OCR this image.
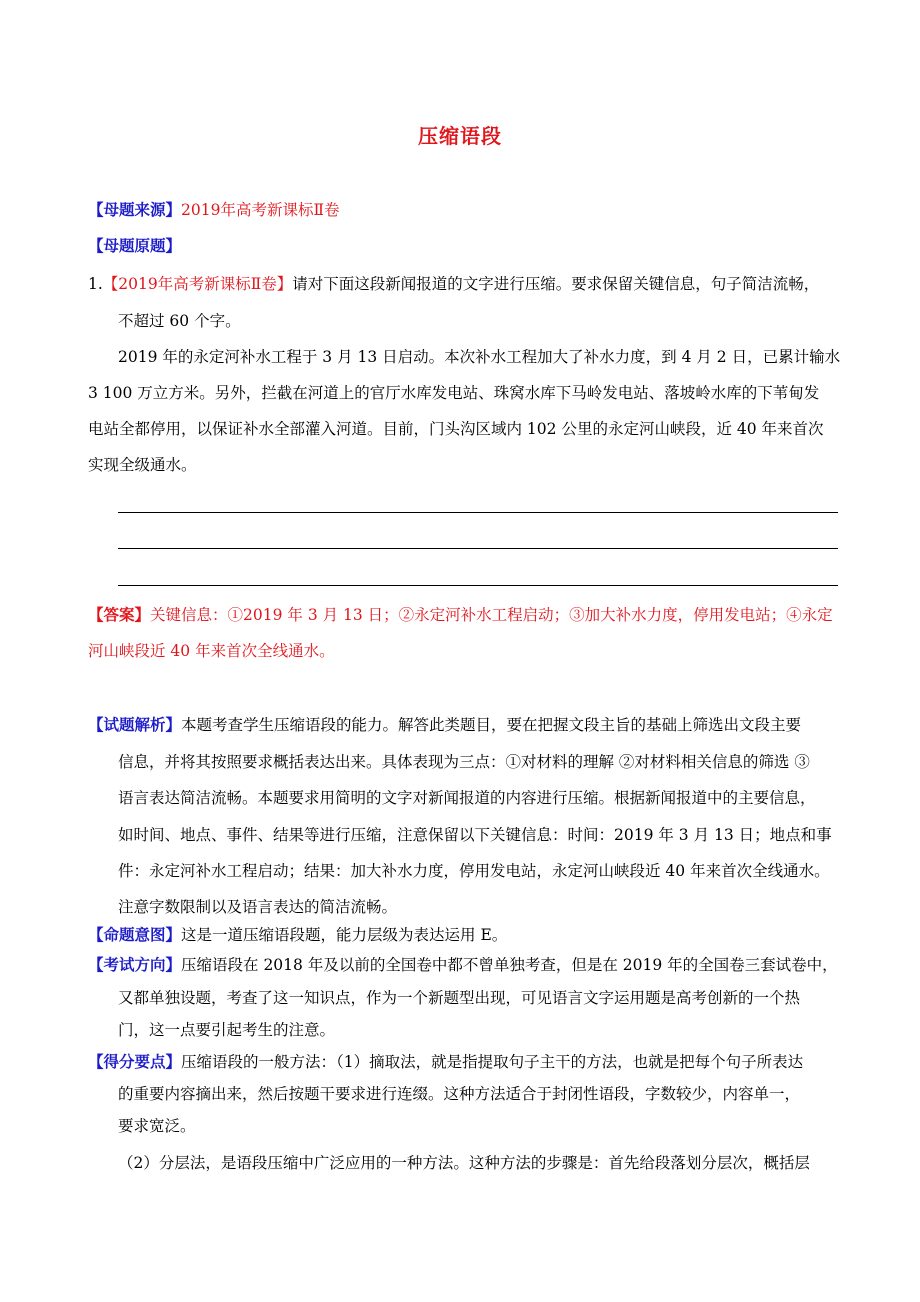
压缩语段
【母题来源】2019年高考新课标Ⅱ卷
【母题原题】
1.【2019年高考新课标Ⅱ卷】请对下面这段新闻报道的文字进行压缩。要求保留关键信息，句子简洁流畅，
不超过 60 个字。
2019 年的永定河补水工程于 3 月 13 日启动。本次补水工程加大了补水力度，到 4 月 2 日，已累计输水
3 100 万立方米。另外，拦截在河道上的官厅水库发电站、珠窝水库下马岭发电站、落坡岭水库的下苇甸发
电站全都停用，以保证补水全部灌入河道。目前，门头沟区域内 102 公里的永定河山峡段，近 40 年来首次
实现全级通水。
【答案】关键信息：①2019 年 3 月 13 日；②永定河补水工程启动；③加大补水力度，停用发电站；④永定
河山峡段近 40 年来首次全线通水。
【试题解析】本题考查学生压缩语段的能力。解答此类题目，要在把握文段主旨的基础上筛选出文段主要
信息，并将其按照要求概括表达出来。具体表现为三点：①对材料的理解 ②对材料相关信息的筛选 ③
语言表达简洁流畅。本题要求用简明的文字对新闻报道的内容进行压缩。根据新闻报道中的主要信息，
如时间、地点、事件、结果等进行压缩，注意保留以下关键信息：时间：2019 年 3 月 13 日；地点和事
件：永定河补水工程启动；结果：加大补水力度，停用发电站，永定河山峡段近 40 年来首次全线通水。
注意字数限制以及语言表达的简洁流畅。
【命题意图】这是一道压缩语段题，能力层级为表达运用 E。
【考试方向】压缩语段在 2018 年及以前的全国卷中都不曾单独考查，但是在 2019 年的全国卷三套试卷中，
又都单独设题，考查了这一知识点，作为一个新题型出现，可见语言文字运用题是高考创新的一个热
门，这一点要引起考生的注意。
【得分要点】压缩语段的一般方法：（1）摘取法，就是指提取句子主干的方法，也就是把每个句子所表达
的重要内容摘出来，然后按题干要求进行连缀。这种方法适合于封闭性语段，字数较少，内容单一，
要求宽泛。
（2）分层法，是语段压缩中广泛应用的一种方法。这种方法的步骤是：首先给段落划分层次，概括层
